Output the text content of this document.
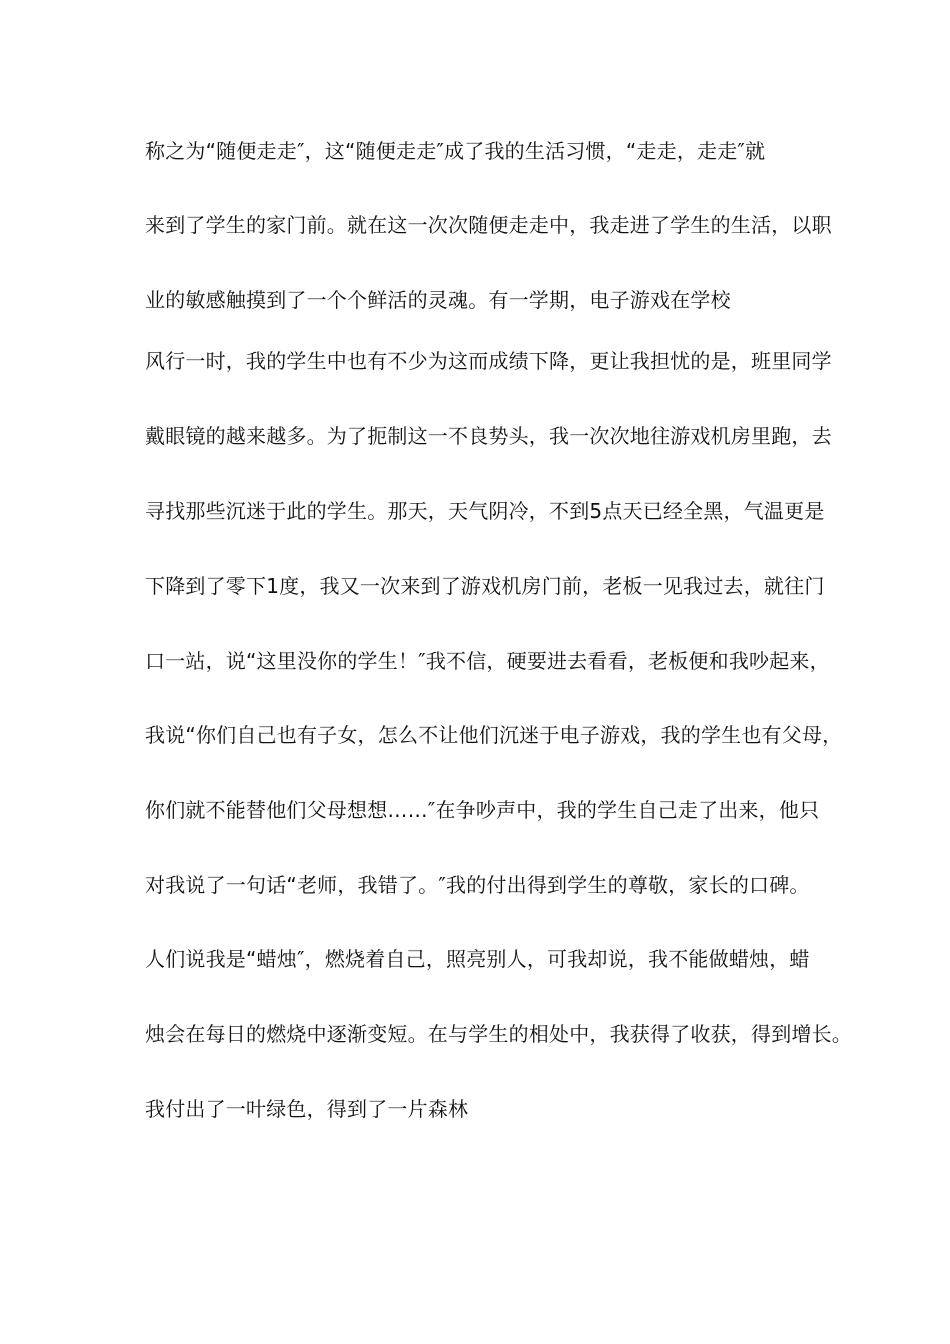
称之为“随便走走″，这“随便走走″成了我的生活习惯，“走走，走走″就
来到了学生的家门前。就在这一次次随便走走中，我走进了学生的生活，以职
业的敏感触摸到了一个个鲜活的灵魂。有一学期，电子游戏在学校
风行一时，我的学生中也有不少为这而成绩下降，更让我担忧的是，班里同学
戴眼镜的越来越多。为了扼制这一不良势头，我一次次地往游戏机房里跑，去
寻找那些沉迷于此的学生。那天，天气阴冷，不到5点天已经全黑，气温更是
下降到了零下1度，我又一次来到了游戏机房门前，老板一见我过去，就往门
口一站，说“这里没你的学生！″我不信，硬要进去看看，老板便和我吵起来，
我说“你们自己也有子女，怎么不让他们沉迷于电子游戏，我的学生也有父母，
你们就不能替他们父母想想……″在争吵声中，我的学生自己走了出来，他只
对我说了一句话“老师，我错了。″我的付出得到学生的尊敬，家长的口碑。
人们说我是“蜡烛″，燃烧着自己，照亮别人，可我却说，我不能做蜡烛，蜡
烛会在每日的燃烧中逐渐变短。在与学生的相处中，我获得了收获，得到增长。
我付出了一叶绿色，得到了一片森林
